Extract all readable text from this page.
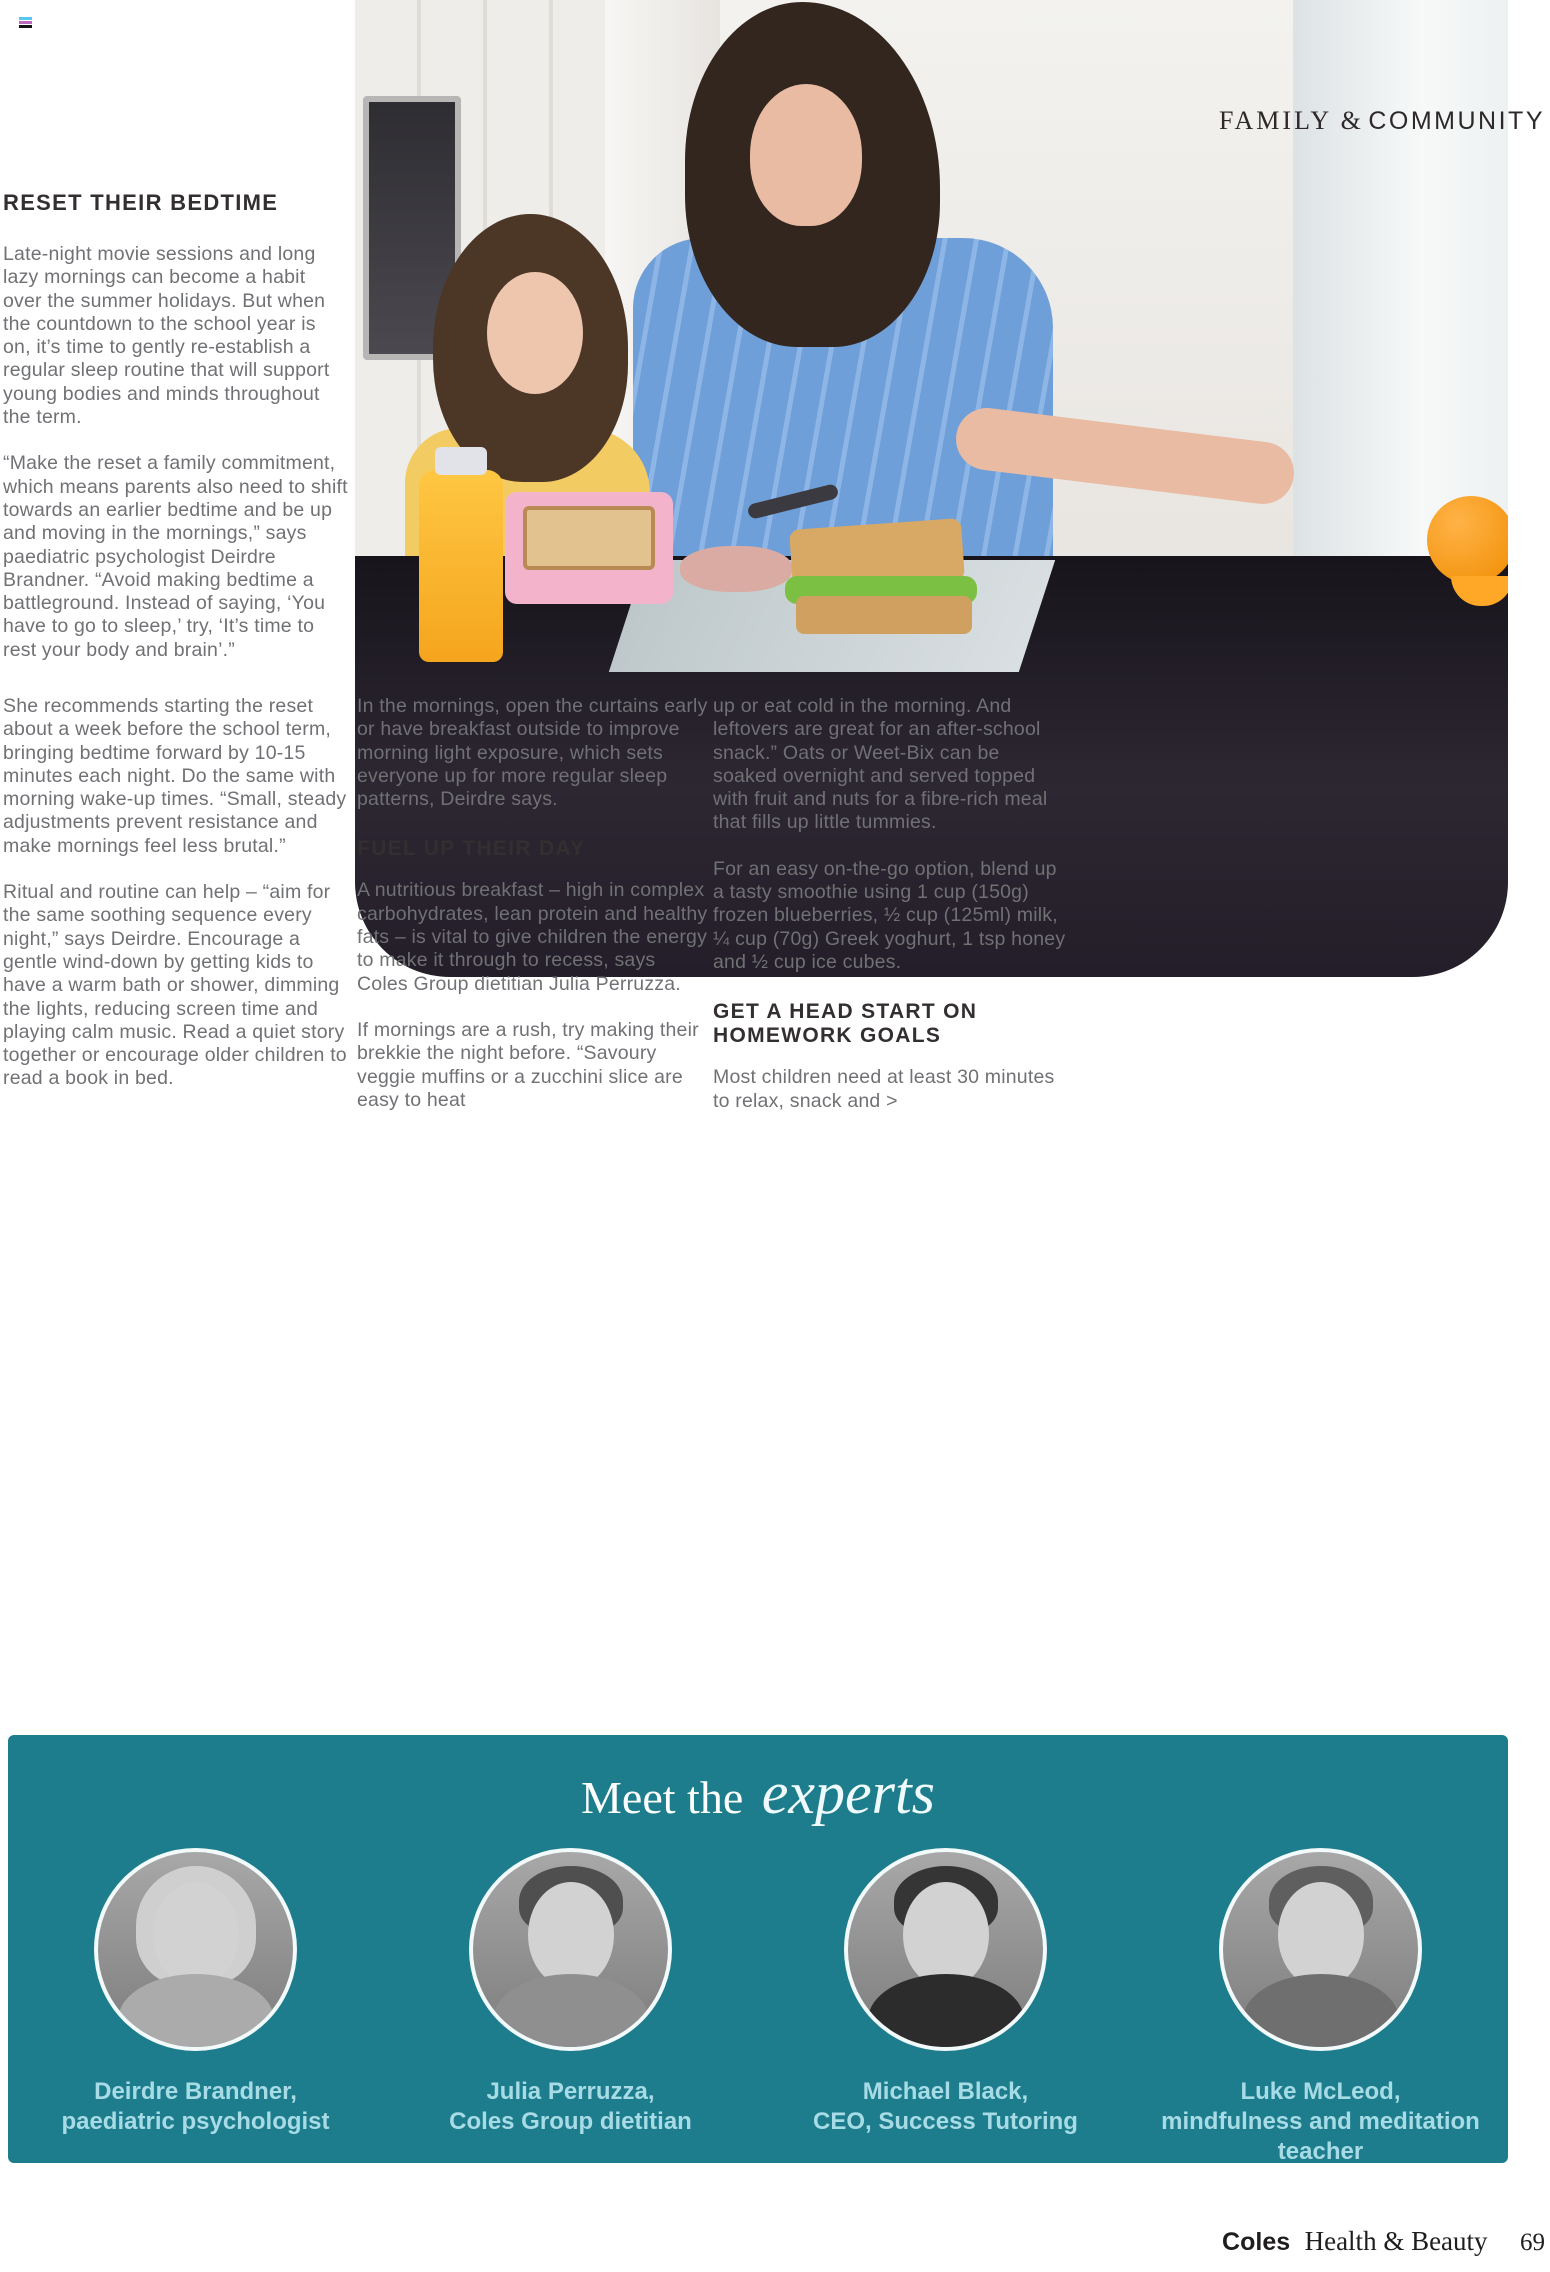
FAMILY & COMMUNITY
RESET THEIR BEDTIME

Late-night movie sessions and long lazy mornings can become a habit over the summer holidays. But when the countdown to the school year is on, it’s time to gently re-establish a regular sleep routine that will support young bodies and minds throughout the term.

“Make the reset a family commitment, which means parents also need to shift towards an earlier bedtime and be up and moving in the mornings,” says paediatric psychologist Deirdre Brandner. “Avoid making bedtime a battleground. Instead of saying, ‘You have to go to sleep,’ try, ‘It’s time to rest your body and brain’.”

She recommends starting the reset about a week before the school term, bringing bedtime forward by 10-15 minutes each night. Do the same with morning wake-up times. “Small, steady adjustments prevent resistance and make mornings feel less brutal.”

Ritual and routine can help – “aim for the same soothing sequence every night,” says Deirdre. Encourage a gentle wind-down by getting kids to have a warm bath or shower, dimming the lights, reducing screen time and playing calm music. Read a quiet story together or encourage older children to read a book in bed.

In the mornings, open the curtains early or have breakfast outside to improve morning light exposure, which sets everyone up for more regular sleep patterns, Deirdre says.

FUEL UP THEIR DAY

A nutritious breakfast – high in complex carbohydrates, lean protein and healthy fats – is vital to give children the energy to make it through to recess, says Coles Group dietitian Julia Perruzza.

If mornings are a rush, try making their brekkie the night before. “Savoury veggie muffins or a zucchini slice are easy to heat

up or eat cold in the morning. And leftovers are great for an after-school snack.” Oats or Weet-Bix can be soaked overnight and served topped with fruit and nuts for a fibre-rich meal that fills up little tummies.

For an easy on-the-go option, blend up a tasty smoothie using 1 cup (150g) frozen blueberries, ½ cup (125ml) milk, ¼ cup (70g) Greek yoghurt, 1 tsp honey and ½ cup ice cubes.

GET A HEAD START ON HOMEWORK GOALS

Most children need at least 30 minutes to relax, snack and >

Meet the experts
Deirdre Brandner,
paediatric psychologist
Julia Perruzza,
Coles Group dietitian
Michael Black,
CEO, Success Tutoring
Luke McLeod,
mindfulness and meditation teacher
Coles Health & Beauty 69
